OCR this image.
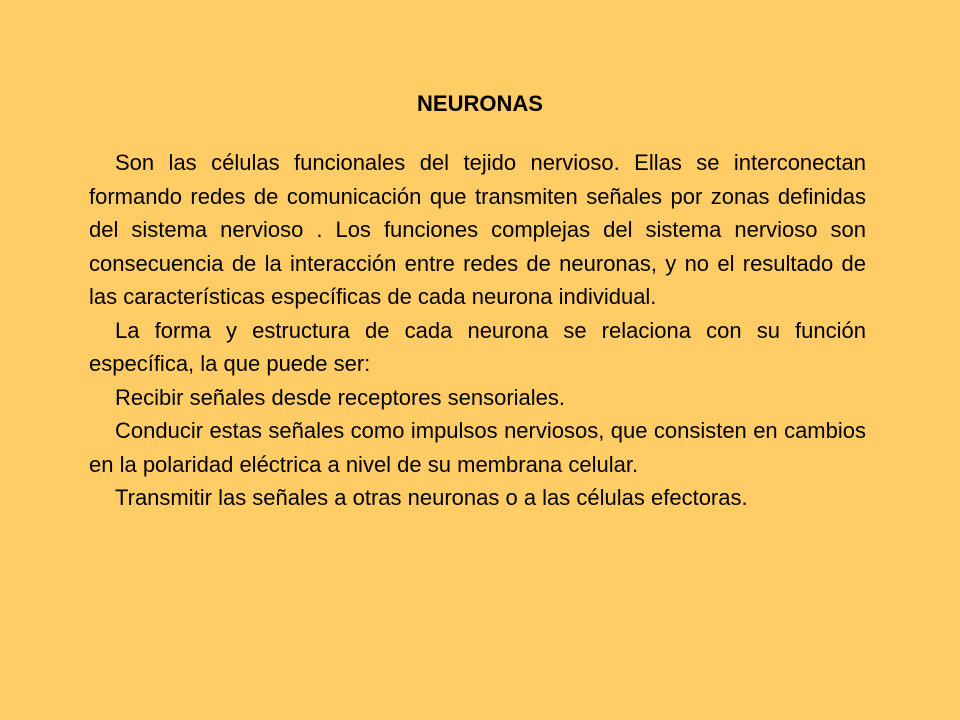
NEURONAS

Son las células funcionales del tejido nervioso. Ellas se interconectan formando redes de comunicación que transmiten señales por zonas definidas del sistema nervioso . Los funciones complejas del sistema nervioso son consecuencia de la interacción entre redes de neuronas, y no el resultado de las características específicas de cada neurona individual.

La forma y estructura de cada neurona se relaciona con su función específica, la que puede ser:

Recibir señales desde receptores sensoriales.

Conducir estas señales como impulsos nerviosos, que consisten en cambios en la polaridad eléctrica a nivel de su membrana celular.

Transmitir las señales a otras neuronas o a las células efectoras.
